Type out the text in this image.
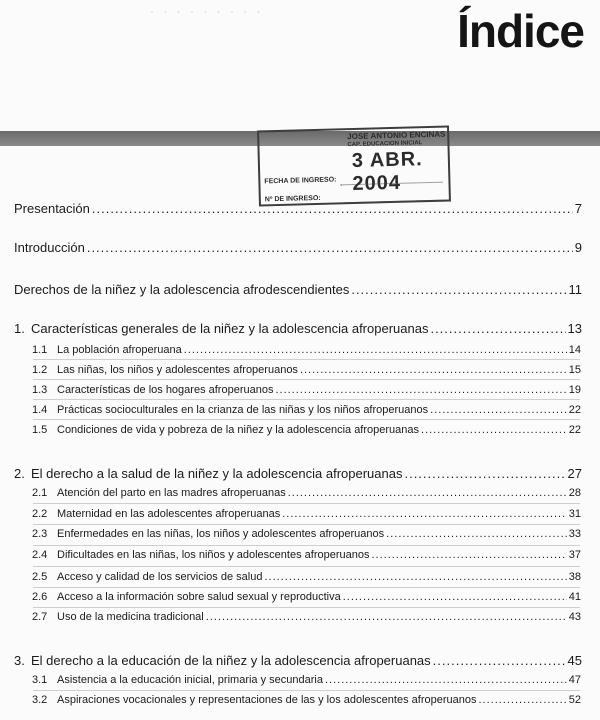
· · · · · · · · ·	Índice
JOSE ANTONIO ENCINAS
CAP. EDUCACION INICIAL
3 ABR. 2004
FECHA DE INGRESO:
Nº DE INGRESO:
Presentación .....	7
Introducción .....	9
Derechos de la niñez y la adolescencia afrodescendientes .....	11
1. Características generales de la niñez y la adolescencia afroperuanas .....	13
1.1 La población afroperuana .....	14
1.2 Las niñas, los niños y adolescentes afroperuanos .....	15
1.3 Características de los hogares afroperuanos .....	19
1.4 Prácticas socioculturales en la crianza de las niñas y los niños afroperuanos .....	22
1.5 Condiciones de vida y pobreza de la niñez y la adolescencia afroperuanas .....	22
2. El derecho a la salud de la niñez y la adolescencia afroperuanas .....	27
2.1 Atención del parto en las madres afroperuanas .....	28
2.2 Maternidad en las adolescentes afroperuanas .....	31
2.3 Enfermedades en las niñas, los niños y adolescentes afroperuanos .....	33
2.4 Dificultades en las niñas, los niños y adolescentes afroperuanos .....	37
2.5 Acceso y calidad de los servicios de salud .....	38
2.6 Acceso a la información sobre salud sexual y reproductiva .....	41
2.7 Uso de la medicina tradicional .....	43
3. El derecho a la educación de la niñez y la adolescencia afroperuanas .....	45
3.1 Asistencia a la educación inicial, primaria y secundaria .....	47
3.2 Aspiraciones vocacionales y representaciones de las y los adolescentes afroperuanos .....	52
